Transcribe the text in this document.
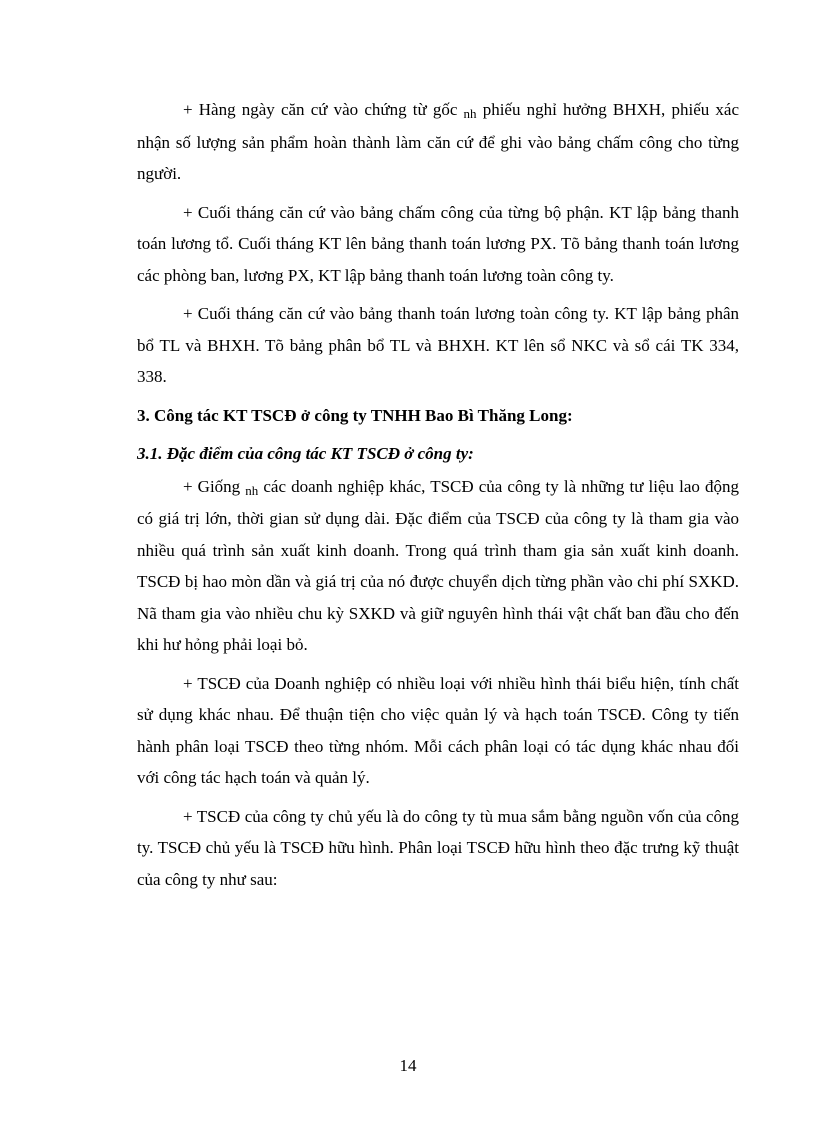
+ Hàng ngày căn cứ vào chứng từ gốc nh phiếu nghỉ hưởng BHXH, phiếu xác nhận số lượng sản phẩm hoàn thành làm căn cứ để ghi vào bảng chấm công cho từng người.

+ Cuối tháng căn cứ vào bảng chấm công của từng bộ phận. KT lập bảng thanh toán lương tổ. Cuối tháng KT lên bảng thanh toán lương PX. Tõ bảng thanh toán lương các phòng ban, lương PX, KT lập bảng thanh toán lương toàn công ty.

+ Cuối tháng căn cứ vào bảng thanh toán lương toàn công ty. KT lập bảng phân bổ TL và BHXH. Tõ bảng phân bổ TL và BHXH. KT lên sổ NKC và sổ cái TK 334, 338.

3. Công tác KT TSCĐ ở công ty TNHH Bao Bì Thăng Long:

3.1. Đặc điểm của công tác KT TSCĐ ở công ty:

+ Giống nh các doanh nghiệp khác, TSCĐ của công ty là những tư liệu lao động có giá trị lớn, thời gian sử dụng dài. Đặc điểm của TSCĐ của công ty là tham gia vào nhiều quá trình sản xuất kinh doanh. Trong quá trình tham gia sản xuất kinh doanh. TSCĐ bị hao mòn dần và giá trị của nó được chuyển dịch từng phần vào chi phí SXKD. Nã tham gia vào nhiều chu kỳ SXKD và giữ nguyên hình thái vật chất ban đầu cho đến khi hư hỏng phải loại bỏ.

+ TSCĐ của Doanh nghiệp có nhiều loại với nhiều hình thái biểu hiện, tính chất sử dụng khác nhau. Để thuận tiện cho việc quản lý và hạch toán TSCĐ. Công ty tiến hành phân loại TSCĐ theo từng nhóm. Mỗi cách phân loại có tác dụng khác nhau đối với công tác hạch toán và quản lý.

+ TSCĐ của công ty chủ yếu là do công ty tù mua sắm bằng nguồn vốn của công ty. TSCĐ chủ yếu là TSCĐ hữu hình. Phân loại TSCĐ hữu hình theo đặc trưng kỹ thuật của công ty như sau:

14
